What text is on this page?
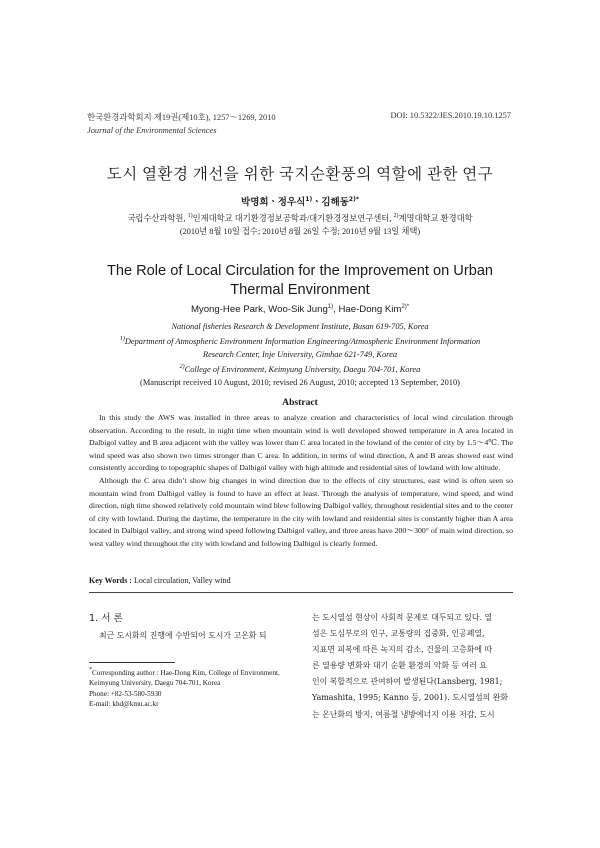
한국환경과학회지 제19권(제10호), 1257～1269, 2010
Journal of the Environmental Sciences
DOI: 10.5322/JES.2010.19.10.1257
도시 열환경 개선을 위한 국지순환풍의 역할에 관한 연구
박명희ㆍ정우식$^{1)}$ㆍ김해동$^{2)*}$
국립수산과학원, $^{1)}$인제대학교 대기환경정보공학과/대기환경정보연구센터, $^{2)}$계명대학교 환경대학
(2010년 8월 10일 접수; 2010년 8월 26일 수정; 2010년 9월 13일 채택)
The Role of Local Circulation for the Improvement on Urban
Thermal Environment
Myong-Hee Park, Woo-Sik Jung$^{1)}$, Hae-Dong Kim$^{2)*}$
National fisheries Research & Development Institute, Busan 619-705, Korea
$^{1)}$Department of Atmospheric Environment Information Engineering/Atmospheric Environment Information
Research Center, Inje University, Gimhae 621-749, Korea
$^{2)}$College of Environment, Keimyung University, Daegu 704-701, Korea
(Manuscript received 10 August, 2010; revised 26 August, 2010; accepted 13 September, 2010)
Abstract

In this study the AWS was installed in three areas to analyze creation and characteristics of local wind circulation through observation. According to the result, in night time when mountain wind is well developed showed temperature in A area located in Dalbigol valley and B area adjacent with the valley was lower than C area located in the lowland of the center of city by 1.5～4℃. The wind speed was also shown two times stronger than C area. In addition, in terms of wind direction, A and B areas showed east wind consistently according to topographic shapes of Dalbigol valley with high altitude and residential sites of lowland with low altitude.

Although the C area didn’t show big changes in wind direction due to the effects of city structures, east wind is often seen so mountain wind from Dalbigol valley is found to have an effect at least. Through the analysis of temperature, wind speed, and wind direction, nigh time showed relatively cold mountain wind blew following Dalbigol valley, throughout residential sites and to the center of city with lowland. During the daytime, the temperature in the city with lowland and residential sites is constantly higher than A area located in Dalbigol valley, and strong wind speed following Dalbigol valley, and three areas have 200～300° of main wind direction, so west valley wind throughout the city with lowland and following Dalbigol is clearly formed.

Key Words : Local circulation, Valley wind
1. 서 론
최근 도시화의 진행에 수반되어 도시가 고온화 되
*Corresponding author : Hae-Dong Kim, College of Environment, Keimyung University, Daegu 704-701, Korea
Phone: +82-53-580-5930
E-mail: khd@kmu.ac.kr
는 도시열섬 현상이 사회적 문제로 대두되고 있다. 열
섬은 도심부로의 인구, 교통량의 집중화, 인공폐열,
지표면 피복에 따른 녹지의 감소, 건물의 고층화에 따
른 열용량 변화와 대기 순환 환경의 악화 등 여러 요
인이 복합적으로 관여하여 발생된다(Lansberg, 1981;
Yamashita, 1995; Kanno 등, 2001). 도시열섬의 완화
는 온난화의 방지, 여름철 냉방에너지 이용 저감, 도시
